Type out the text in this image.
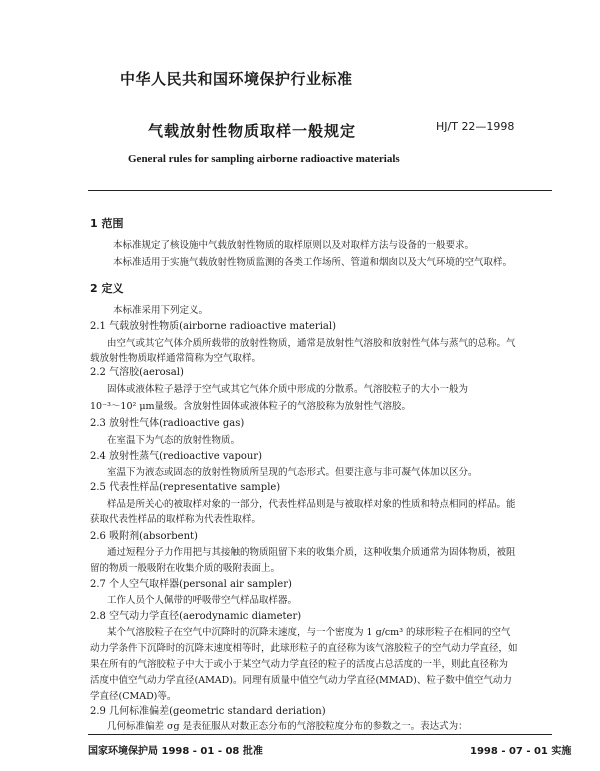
中华人民共和国环境保护行业标准
气载放射性物质取样一般规定	HJ/T 22—1998
General rules for sampling airborne radioactive materials
1 范围
本标准规定了核设施中气载放射性物质的取样原则以及对取样方法与设备的一般要求。
本标准适用于实施气载放射性物质监测的各类工作场所、管道和烟囱以及大气环境的空气取样。
2 定义
本标准采用下列定义。
2.1 气载放射性物质(airborne radioactive material)
由空气或其它气体介质所载带的放射性物质，通常是放射性气溶胶和放射性气体与蒸气的总称。气
载放射性物质取样通常简称为空气取样。
2.2 气溶胶(aerosal)
固体或液体粒子悬浮于空气或其它气体介质中形成的分散系。气溶胶粒子的大小一般为
10⁻³～10² μm量级。含放射性固体或液体粒子的气溶胶称为放射性气溶胶。
2.3 放射性气体(radioactive gas)
在室温下为气态的放射性物质。
2.4 放射性蒸气(redioactive vapour)
室温下为液态或固态的放射性物质所呈现的气态形式。但要注意与非可凝气体加以区分。
2.5 代表性样品(representative sample)
样品是所关心的被取样对象的一部分，代表性样品则是与被取样对象的性质和特点相同的样品。能
获取代表性样品的取样称为代表性取样。
2.6 吸附剂(absorbent)
通过短程分子力作用把与其接触的物质阻留下来的收集介质，这种收集介质通常为固体物质，被阻
留的物质一般吸附在收集介质的吸附表面上。
2.7 个人空气取样器(personal air sampler)
工作人员个人佩带的呼吸带空气样品取样器。
2.8 空气动力学直径(aerodynamic diameter)
某个气溶胶粒子在空气中沉降时的沉降末速度，与一个密度为 1 g/cm³ 的球形粒子在相同的空气
动力学条件下沉降时的沉降末速度相等时，此球形粒子的直径称为该气溶胶粒子的空气动力学直径，如
果在所有的气溶胶粒子中大于或小于某空气动力学直径的粒子的活度占总活度的一半，则此直径称为
活度中值空气动力学直径(AMAD)。同理有质量中值空气动力学直径(MMAD)、粒子数中值空气动力
学直径(CMAD)等。
2.9 几何标准偏差(geometric standard deriation)
几何标准偏差 σg 是表征服从对数正态分布的气溶胶粒度分布的参数之一。表达式为：
国家环境保护局 1998 - 01 - 08 批准	1998 - 07 - 01 实施
